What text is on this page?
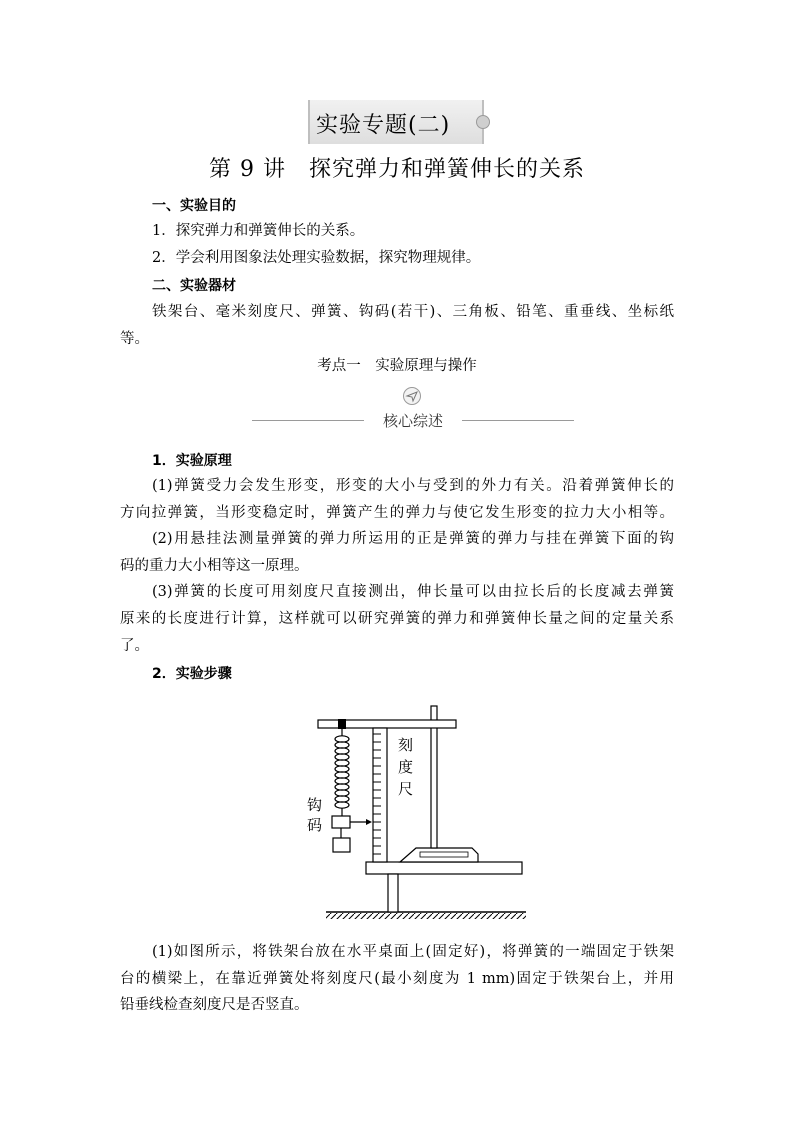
实验专题(二)
第 9 讲　探究弹力和弹簧伸长的关系
一、实验目的
1．探究弹力和弹簧伸长的关系。
2．学会利用图象法处理实验数据，探究物理规律。
二、实验器材
铁架台、毫米刻度尺、弹簧、钩码(若干)、三角板、铅笔、重垂线、坐标纸
等。
考点一　实验原理与操作
核心综述
1．实验原理
(1)弹簧受力会发生形变，形变的大小与受到的外力有关。沿着弹簧伸长的
方向拉弹簧，当形变稳定时，弹簧产生的弹力与使它发生形变的拉力大小相等。
(2)用悬挂法测量弹簧的弹力所运用的正是弹簧的弹力与挂在弹簧下面的钩
码的重力大小相等这一原理。
(3)弹簧的长度可用刻度尺直接测出，伸长量可以由拉长后的长度减去弹簧
原来的长度进行计算，这样就可以研究弹簧的弹力和弹簧伸长量之间的定量关系
了。
2．实验步骤
刻
度
尺
钩
码
(1)如图所示，将铁架台放在水平桌面上(固定好)，将弹簧的一端固定于铁架
台的横梁上，在靠近弹簧处将刻度尺(最小刻度为 1 mm)固定于铁架台上，并用
铅垂线检查刻度尺是否竖直。
